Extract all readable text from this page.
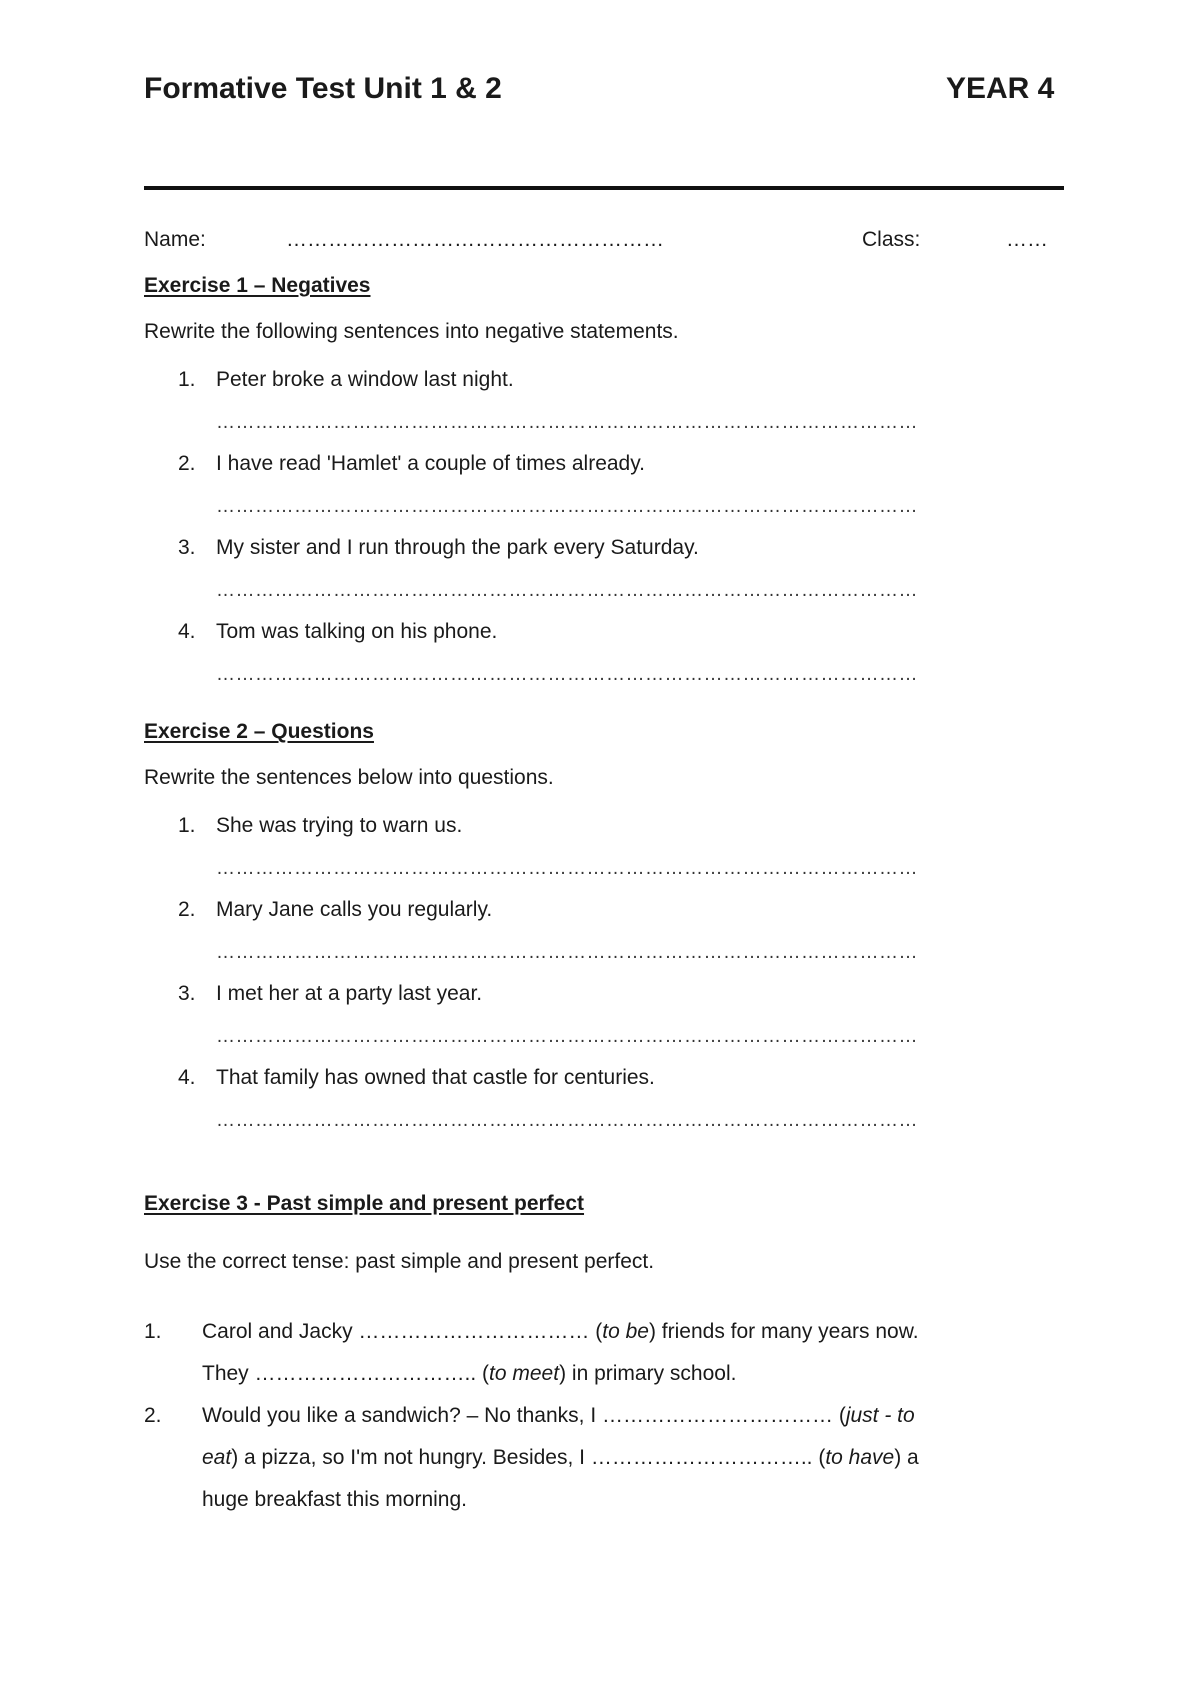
Formative Test Unit 1 & 2	YEAR 4
Name:	………………………………………………	Class:	……
Exercise 1 – Negatives
Rewrite the following sentences into negative statements.
1. Peter broke a window last night.
………………………………………………………………………………………………
2. I have read 'Hamlet' a couple of times already.
………………………………………………………………………………………………
3. My sister and I run through the park every Saturday.
………………………………………………………………………………………………
4. Tom was talking on his phone.
………………………………………………………………………………………………
Exercise 2 – Questions
Rewrite the sentences below into questions.
1. She was trying to warn us.
………………………………………………………………………………………………
2. Mary Jane calls you regularly.
………………………………………………………………………………………………
3. I met her at a party last year.
………………………………………………………………………………………………
4. That family has owned that castle for centuries.
………………………………………………………………………………………………
Exercise 3 - Past simple and present perfect
Use the correct tense: past simple and present perfect.
1. Carol and Jacky …………………………… (to be) friends for many years now.
They ………………………….. (to meet) in primary school.
2. Would you like a sandwich? – No thanks, I …………………………… (just - to
eat) a pizza, so I'm not hungry. Besides, I ………………………….. (to have) a
huge breakfast this morning.
